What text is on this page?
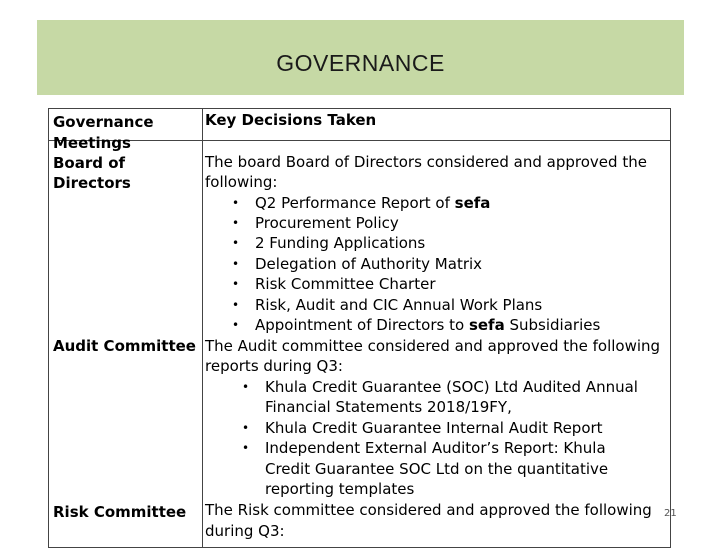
GOVERNANCE
Governance
Meetings
Key Decisions Taken
Board of
Directors
The board Board of Directors considered and approved the
following:
• Q2 Performance Report of sefa
• Procurement Policy
• 2 Funding Applications
• Delegation of Authority Matrix
• Risk Committee Charter
• Risk, Audit and CIC Annual Work Plans
• Appointment of Directors to sefa Subsidiaries
Audit Committee The Audit committee considered and approved the following
reports during Q3:
• Khula Credit Guarantee (SOC) Ltd Audited Annual
Financial Statements 2018/19FY,
• Khula Credit Guarantee Internal Audit Report
• Independent External Auditor’s Report: Khula
Credit Guarantee SOC Ltd on the quantitative
reporting templates
Risk Committee The Risk committee considered and approved the following
during Q3:
21
